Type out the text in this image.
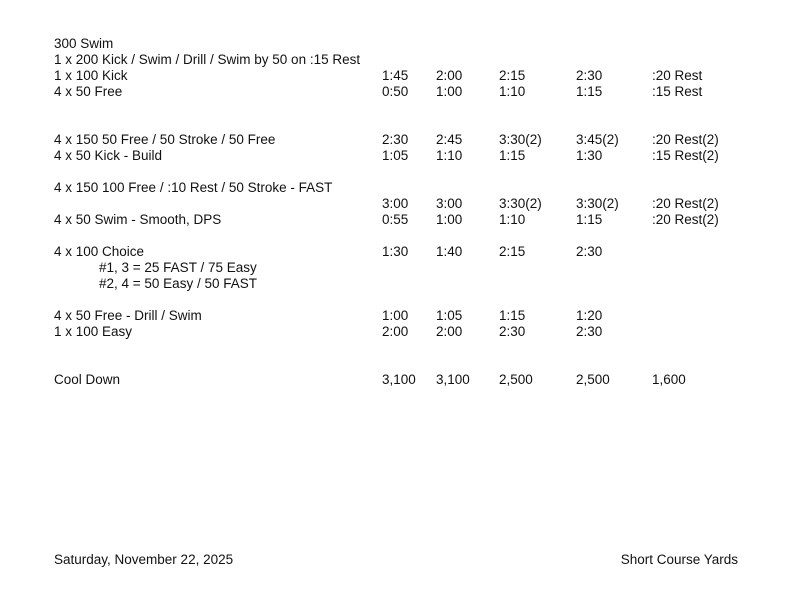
300 Swim
1 x 200 Kick / Swim / Drill / Swim by 50 on :15 Rest
1 x 100 Kick	1:45 2:00	2:15	2:30	:20 Rest
4 x 50 Free	0:50 1:00	1:10	1:15	:15 Rest
4 x 150 50 Free / 50 Stroke / 50 Free	2:30 2:45	3:30(2)	3:45(2) :20 Rest(2)
4 x 50 Kick - Build	1:05 1:10	1:15	1:30	:15 Rest(2)
4 x 150 100 Free / :10 Rest / 50 Stroke - FAST
3:00 3:00	3:30(2)	3:30(2) :20 Rest(2)
4 x 50 Swim - Smooth, DPS	0:55 1:00	1:10	1:15	:20 Rest(2)
4 x 100 Choice	1:30 1:40	2:15	2:30
#1, 3 = 25 FAST / 75 Easy
#2, 4 = 50 Easy / 50 FAST
4 x 50 Free - Drill / Swim	1:00 1:05	1:15	1:20
1 x 100 Easy	2:00 2:00	2:30	2:30
Cool Down	3,100 3,100 2,500	2,500	1,600
Saturday, November 22, 2025	Short Course Yards
